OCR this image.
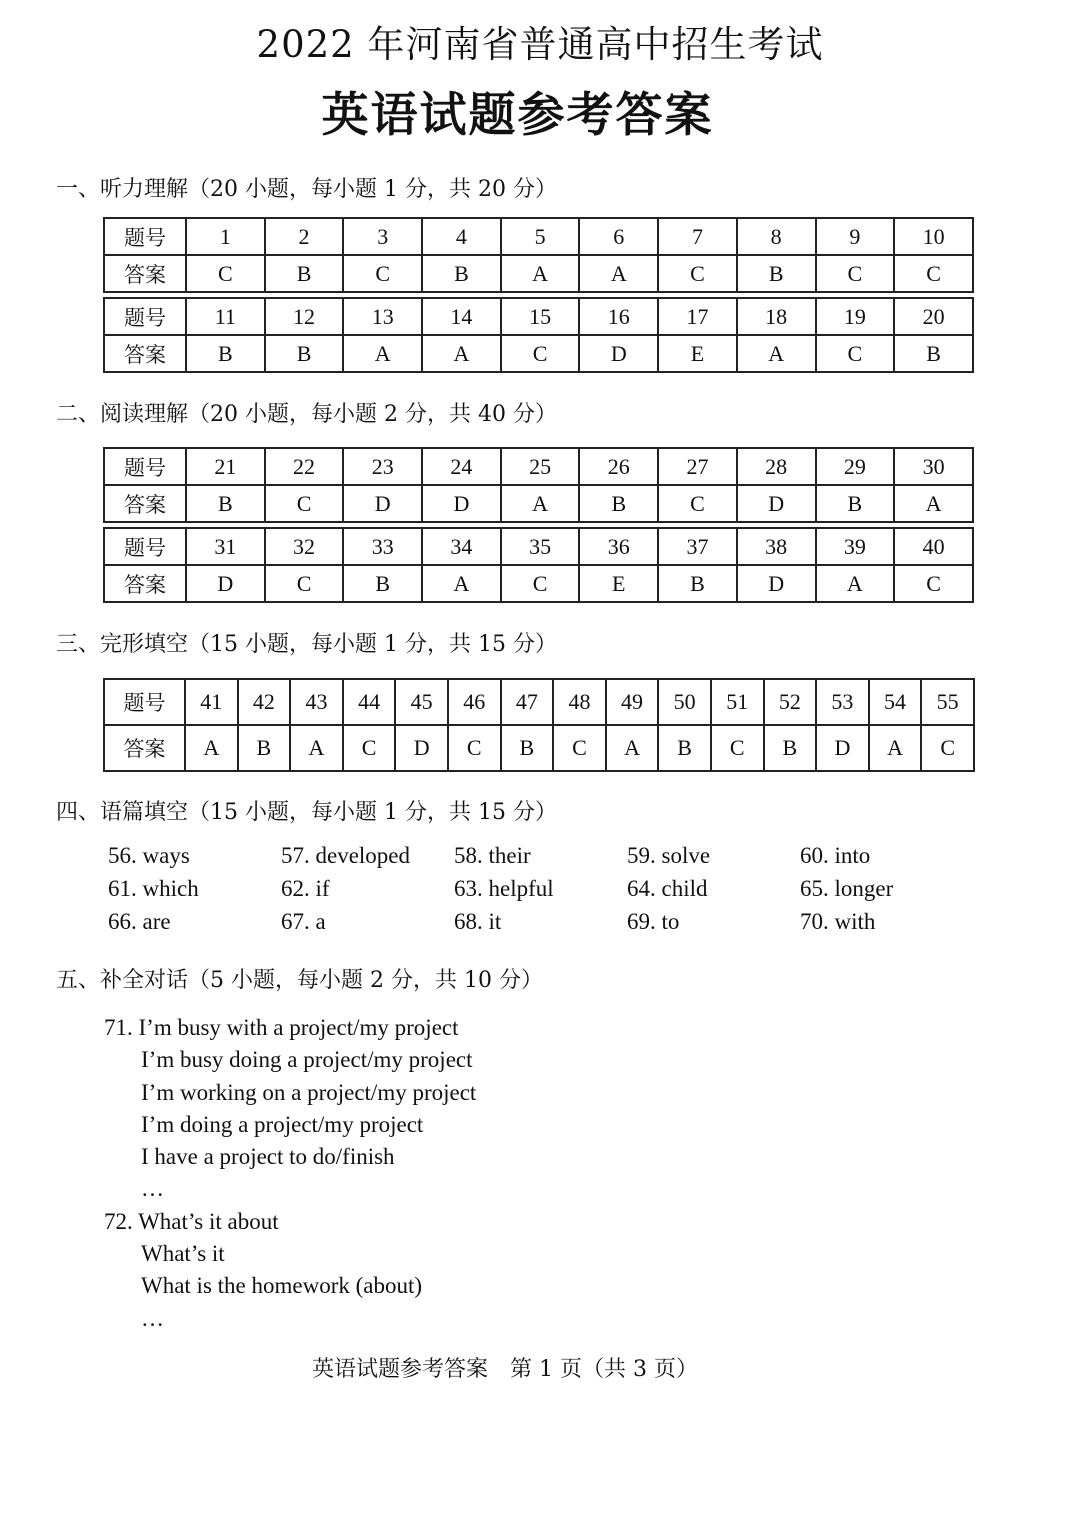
2022 年河南省普通高中招生考试
英语试题参考答案
一、听力理解（20 小题，每小题 1 分，共 20 分）
题号	1	2	3	4	5	6	7	8	9	10
答案	C	B	C	B	A	A	C	B	C	C

题号	11	12	13	14	15	16	17	18	19	20
答案	B	B	A	A	C	D	E	A	C	B
二、阅读理解（20 小题，每小题 2 分，共 40 分）
题号	21	22	23	24	25	26	27	28	29	30
答案	B	C	D	D	A	B	C	D	B	A

题号	31	32	33	34	35	36	37	38	39	40
答案	D	C	B	A	C	E	B	D	A	C
三、完形填空（15 小题，每小题 1 分，共 15 分）
题号	41	42	43	44	45	46	47	48	49	50	51	52	53	54	55
答案	A	B	A	C	D	C	B	C	A	B	C	B	D	A	C
四、语篇填空（15 小题，每小题 1 分，共 15 分）
56. ways	57. developed	58. their	59. solve	60. into
61. which	62. if	63. helpful	64. child	65. longer
66. are	67. a	68. it	69. to	70. with
五、补全对话（5 小题，每小题 2 分，共 10 分）
71. I’m busy with a project/my project
I’m busy doing a project/my project
I’m working on a project/my project
I’m doing a project/my project
I have a project to do/finish
…
72. What’s it about
What’s it
What is the homework (about)
…
英语试题参考答案　第 1 页（共 3 页）
